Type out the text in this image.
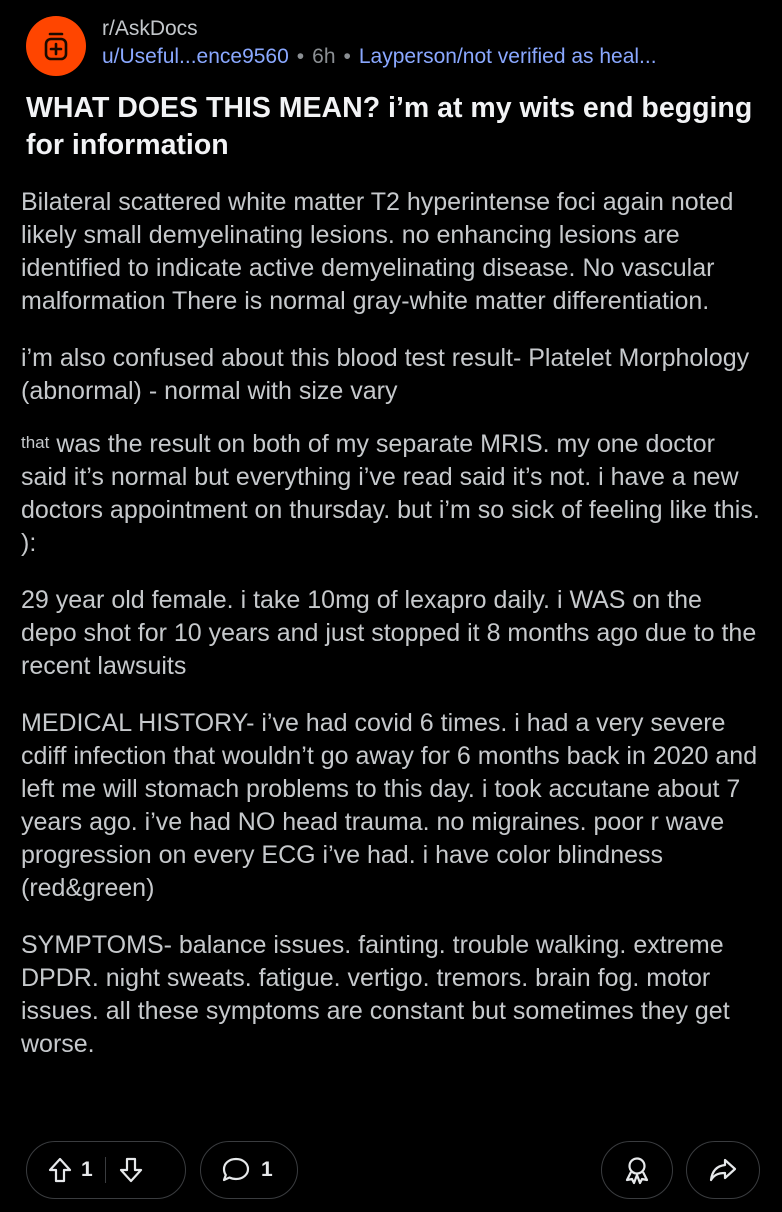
r/AskDocs
u/Useful...ence9560 • 6h • Layperson/not verified as heal...
WHAT DOES THIS MEAN? i’m at my wits end begging for information

Bilateral scattered white matter T2 hyperintense foci again noted likely small demyelinating lesions. no enhancing lesions are identified to indicate active demyelinating disease. No vascular malformation There is normal gray-white matter differentiation.

i’m also confused about this blood test result- Platelet Morphology (abnormal) - normal with size vary

$^{that}$ was the result on both of my separate MRIS. my one doctor said it’s normal but everything i’ve read said it’s not. i have a new doctors appointment on thursday. but i’m so sick of feeling like this. ):

29 year old female. i take 10mg of lexapro daily. i WAS on the depo shot for 10 years and just stopped it 8 months ago due to the recent lawsuits

MEDICAL HISTORY- i’ve had covid 6 times. i had a very severe cdiff infection that wouldn’t go away for 6 months back in 2020 and left me will stomach problems to this day. i took accutane about 7 years ago. i’ve had NO head trauma. no migraines. poor r wave progression on every ECG i’ve had. i have color blindness (red&green)

SYMPTOMS- balance issues. fainting. trouble walking. extreme DPDR. night sweats. fatigue. vertigo. tremors. brain fog. motor issues. all these symptoms are constant but sometimes they get worse.

1	1
